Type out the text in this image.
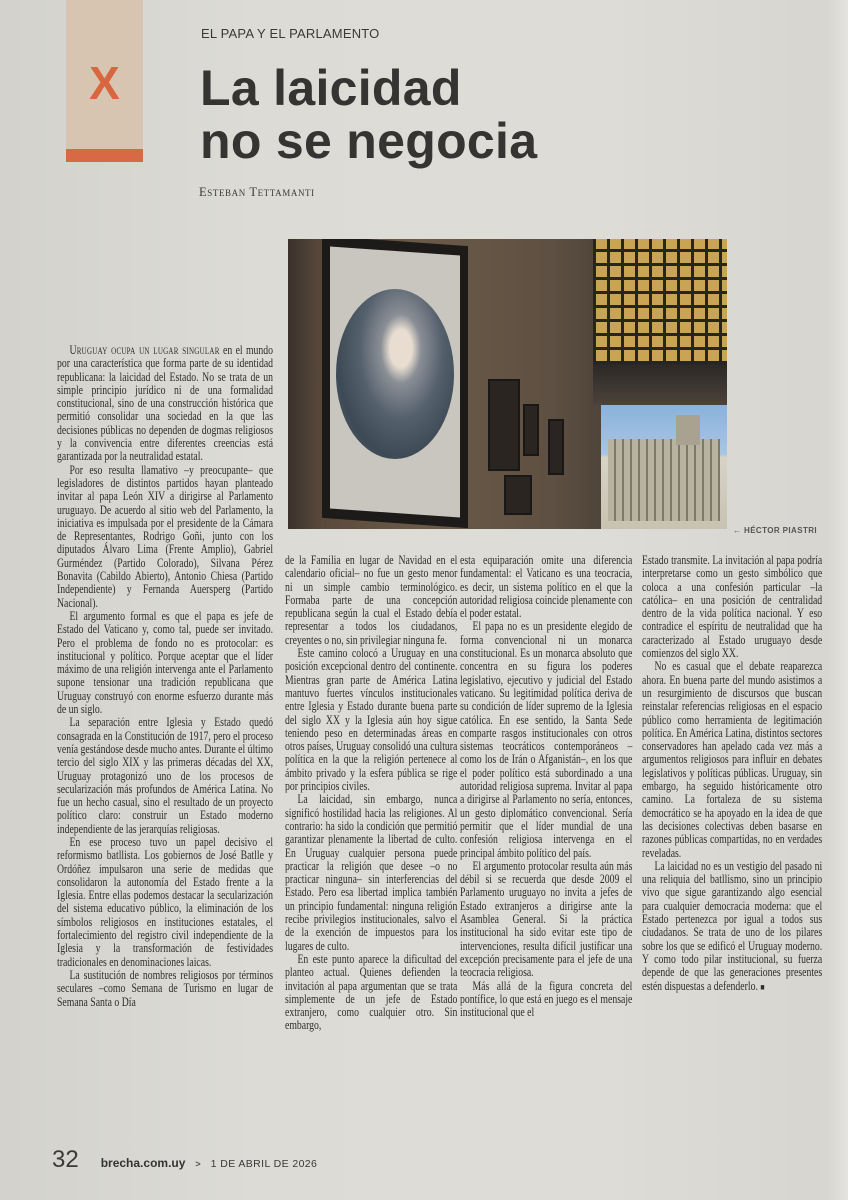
X
EL PAPA Y EL PARLAMENTO
La laicidad
no se negocia
Esteban Tettamanti
← HÉCTOR PIASTRI

Uruguay ocupa un lugar singular en el mundo por una característica que forma parte de su identidad republicana: la laicidad del Estado. No se trata de un simple principio jurídico ni de una formalidad constitucional, sino de una construcción histórica que permitió consolidar una sociedad en la que las decisiones públicas no dependen de dogmas religiosos y la convivencia entre diferentes creencias está garantizada por la neutralidad estatal.

Por eso resulta llamativo –y preocupante– que legisladores de distintos partidos hayan planteado invitar al papa León XIV a dirigirse al Parlamento uruguayo. De acuerdo al sitio web del Parlamento, la iniciativa es impulsada por el presidente de la Cámara de Representantes, Rodrigo Goñi, junto con los diputados Álvaro Lima (Frente Amplio), Gabriel Gurméndez (Partido Colorado), Silvana Pérez Bonavita (Cabildo Abierto), Antonio Chiesa (Partido Independiente) y Fernanda Auersperg (Partido Nacional).

El argumento formal es que el papa es jefe de Estado del Vaticano y, como tal, puede ser invitado. Pero el problema de fondo no es protocolar: es institucional y político. Porque aceptar que el líder máximo de una religión intervenga ante el Parlamento supone tensionar una tradición republicana que Uruguay construyó con enorme esfuerzo durante más de un siglo.

La separación entre Iglesia y Estado quedó consagrada en la Constitución de 1917, pero el proceso venía gestándose desde mucho antes. Durante el último tercio del siglo XIX y las primeras décadas del XX, Uruguay protagonizó uno de los procesos de secularización más profundos de América Latina. No fue un hecho casual, sino el resultado de un proyecto político claro: construir un Estado moderno independiente de las jerarquías religiosas.

En ese proceso tuvo un papel decisivo el reformismo batllista. Los gobiernos de José Batlle y Ordóñez impulsaron una serie de medidas que consolidaron la autonomía del Estado frente a la Iglesia. Entre ellas podemos destacar la secularización del sistema educativo público, la eliminación de los símbolos religiosos en instituciones estatales, el fortalecimiento del registro civil independiente de la Iglesia y la transformación de festividades tradicionales en denominaciones laicas.

La sustitución de nombres religiosos por términos seculares –como Semana de Turismo en lugar de Semana Santa o Día

de la Familia en lugar de Navidad en el calendario oficial– no fue un gesto menor ni un simple cambio terminológico. Formaba parte de una concepción republicana según la cual el Estado debía representar a todos los ciudadanos, creyentes o no, sin privilegiar ninguna fe.

Este camino colocó a Uruguay en una posición excepcional dentro del continente. Mientras gran parte de América Latina mantuvo fuertes vínculos institucionales entre Iglesia y Estado durante buena parte del siglo XX y la Iglesia aún hoy sigue teniendo peso en determinadas áreas en otros países, Uruguay consolidó una cultura política en la que la religión pertenece al ámbito privado y la esfera pública se rige por principios civiles.

La laicidad, sin embargo, nunca significó hostilidad hacia las religiones. Al contrario: ha sido la condición que permitió garantizar plenamente la libertad de culto. En Uruguay cualquier persona puede practicar la religión que desee –o no practicar ninguna– sin interferencias del Estado. Pero esa libertad implica también un principio fundamental: ninguna religión recibe privilegios institucionales, salvo el de la exención de impuestos para los lugares de culto.

En este punto aparece la dificultad del planteo actual. Quienes defienden la invitación al papa argumentan que se trata simplemente de un jefe de Estado extranjero, como cualquier otro. Sin embargo,

esta equiparación omite una diferencia fundamental: el Vaticano es una teocracia, es decir, un sistema político en el que la autoridad religiosa coincide plenamente con el poder estatal.

El papa no es un presidente elegido de forma convencional ni un monarca constitucional. Es un monarca absoluto que concentra en su figura los poderes legislativo, ejecutivo y judicial del Estado vaticano. Su legitimidad política deriva de su condición de líder supremo de la Iglesia católica. En ese sentido, la Santa Sede comparte rasgos institucionales con otros sistemas teocráticos contemporáneos –como los de Irán o Afganistán–, en los que el poder político está subordinado a una autoridad religiosa suprema. Invitar al papa a dirigirse al Parlamento no sería, entonces, un gesto diplomático convencional. Sería permitir que el líder mundial de una confesión religiosa intervenga en el principal ámbito político del país.

El argumento protocolar resulta aún más débil si se recuerda que desde 2009 el Parlamento uruguayo no invita a jefes de Estado extranjeros a dirigirse ante la Asamblea General. Si la práctica institucional ha sido evitar este tipo de intervenciones, resulta difícil justificar una excepción precisamente para el jefe de una teocracia religiosa.

Más allá de la figura concreta del pontífice, lo que está en juego es el mensaje institucional que el

Estado transmite. La invitación al papa podría interpretarse como un gesto simbólico que coloca a una confesión particular –la católica– en una posición de centralidad dentro de la vida política nacional. Y eso contradice el espíritu de neutralidad que ha caracterizado al Estado uruguayo desde comienzos del siglo XX.

No es casual que el debate reaparezca ahora. En buena parte del mundo asistimos a un resurgimiento de discursos que buscan reinstalar referencias religiosas en el espacio público como herramienta de legitimación política. En América Latina, distintos sectores conservadores han apelado cada vez más a argumentos religiosos para influir en debates legislativos y políticas públicas. Uruguay, sin embargo, ha seguido históricamente otro camino. La fortaleza de su sistema democrático se ha apoyado en la idea de que las decisiones colectivas deben basarse en razones públicas compartidas, no en verdades reveladas.

La laicidad no es un vestigio del pasado ni una reliquia del batllismo, sino un principio vivo que sigue garantizando algo esencial para cualquier democracia moderna: que el Estado pertenezca por igual a todos sus ciudadanos. Se trata de uno de los pilares sobre los que se edificó el Uruguay moderno. Y como todo pilar institucional, su fuerza depende de que las generaciones presentes estén dispuestas a defenderlo. ■

32 brecha.com.uy > 1 DE ABRIL DE 2026
